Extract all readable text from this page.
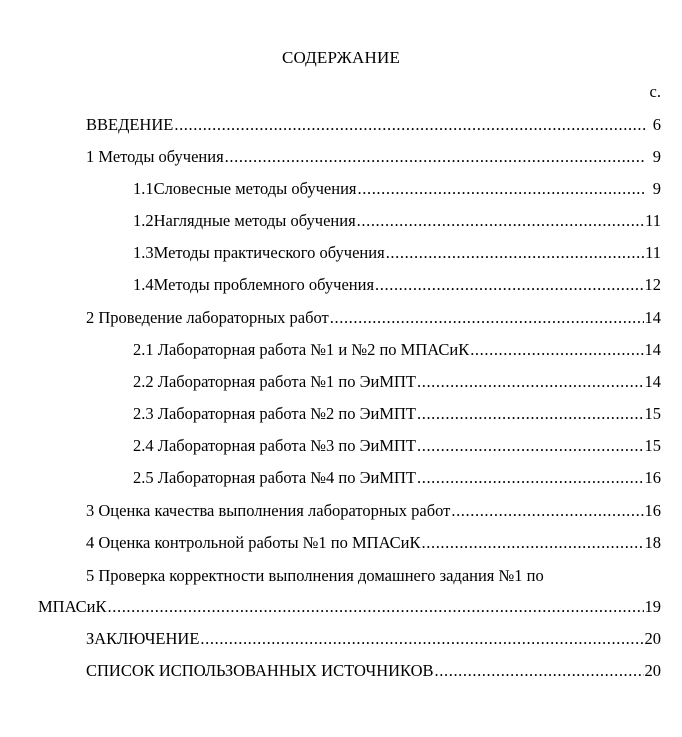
СОДЕРЖАНИЕ
с.
ВВЕДЕНИЕ .....	6
1 Методы обучения .....	9
1.1 Словесные методы обучения .....	9
1.2 Наглядные методы обучения .....	11
1.3 Методы практического обучения .....	11
1.4 Методы проблемного обучения .....	12
2 Проведение лабораторных работ .....	14
2.1 Лабораторная работа №1 и №2 по МПАСиК .....	14
2.2 Лабораторная работа №1 по ЭиМПТ .....	14
2.3 Лабораторная работа №2 по ЭиМПТ .....	15
2.4 Лабораторная работа №3 по ЭиМПТ .....	15
2.5 Лабораторная работа №4 по ЭиМПТ .....	16
3 Оценка качества выполнения лабораторных работ .....	16
4 Оценка контрольной работы №1 по МПАСиК .....	18
5 Проверка корректности выполнения домашнего задания №1 по
МПАСиК .....	19
ЗАКЛЮЧЕНИЕ .....	20
СПИСОК ИСПОЛЬЗОВАННЫХ ИСТОЧНИКОВ .....	20
